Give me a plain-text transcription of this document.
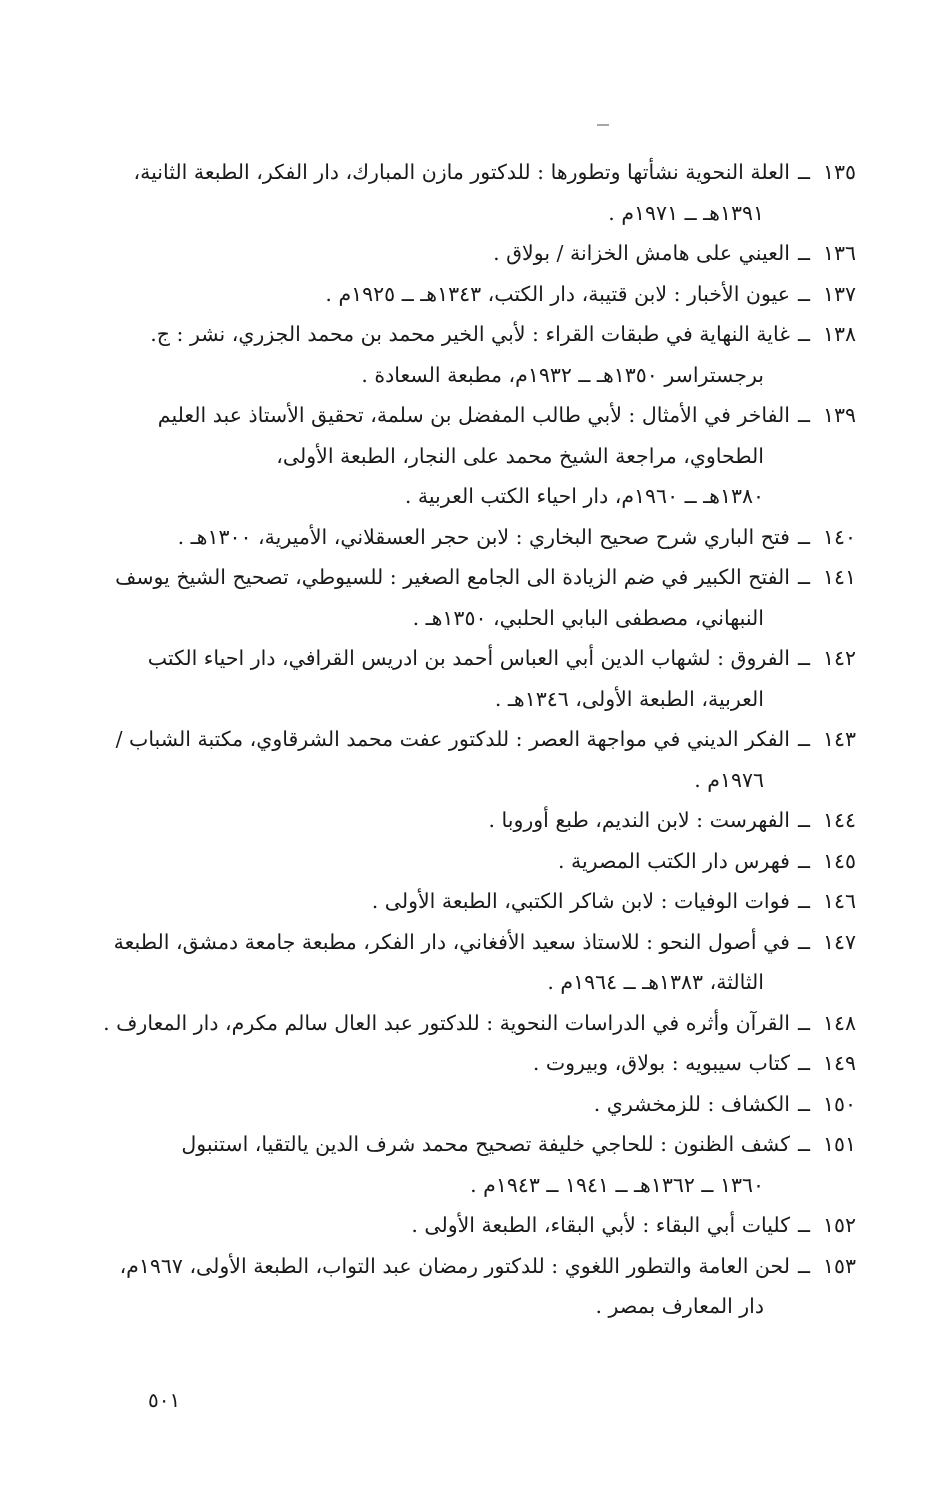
١٣٥ــالعلة النحوية نشأتها وتطورها : للدكتور مازن المبارك، دار الفكر، الطبعة الثانية،
١٣٩١هـ ــ ١٩٧١م .
١٣٦ــالعيني على هامش الخزانة / بولاق .
١٣٧ــعيون الأخبار : لابن قتيبة، دار الكتب، ١٣٤٣هـ ــ ١٩٢٥م .
١٣٨ــغاية النهاية في طبقات القراء : لأبي الخير محمد بن محمد الجزري، نشر : ج.
برجستراسر ١٣٥٠هـ ــ ١٩٣٢م، مطبعة السعادة .
١٣٩ــالفاخر في الأمثال : لأبي طالب المفضل بن سلمة، تحقيق الأستاذ عبد العليم
الطحاوي، مراجعة الشيخ محمد على النجار، الطبعة الأولى،
١٣٨٠هـ ــ ١٩٦٠م، دار احياء الكتب العربية .
١٤٠ــفتح الباري شرح صحيح البخاري : لابن حجر العسقلاني، الأميرية، ١٣٠٠هـ .
١٤١ــالفتح الكبير في ضم الزيادة الى الجامع الصغير : للسيوطي، تصحيح الشيخ يوسف
النبهاني، مصطفى البابي الحلبي، ١٣٥٠هـ .
١٤٢ــالفروق : لشهاب الدين أبي العباس أحمد بن ادريس القرافي، دار احياء الكتب
العربية، الطبعة الأولى، ١٣٤٦هـ .
١٤٣ــالفكر الديني في مواجهة العصر : للدكتور عفت محمد الشرقاوي، مكتبة الشباب /
١٩٧٦م .
١٤٤ــالفهرست : لابن النديم، طبع أوروبا .
١٤٥ــفهرس دار الكتب المصرية .
١٤٦ــفوات الوفيات : لابن شاكر الكتبي، الطبعة الأولى .
١٤٧ــفي أصول النحو : للاستاذ سعيد الأفغاني، دار الفكر، مطبعة جامعة دمشق، الطبعة
الثالثة، ١٣٨٣هـ ــ ١٩٦٤م .
١٤٨ــالقرآن وأثره في الدراسات النحوية : للدكتور عبد العال سالم مكرم، دار المعارف .
١٤٩ــكتاب سيبويه : بولاق، وبيروت .
١٥٠ــالكشاف : للزمخشري .
١٥١ــكشف الظنون : للحاجي خليفة تصحيح محمد شرف الدين يالتقيا، استنبول
١٣٦٠ ــ ١٣٦٢هـ ــ ١٩٤١ ــ ١٩٤٣م .
١٥٢ــكليات أبي البقاء : لأبي البقاء، الطبعة الأولى .
١٥٣ــلحن العامة والتطور اللغوي : للدكتور رمضان عبد التواب، الطبعة الأولى، ١٩٦٧م،
دار المعارف بمصر .
٥٠١
